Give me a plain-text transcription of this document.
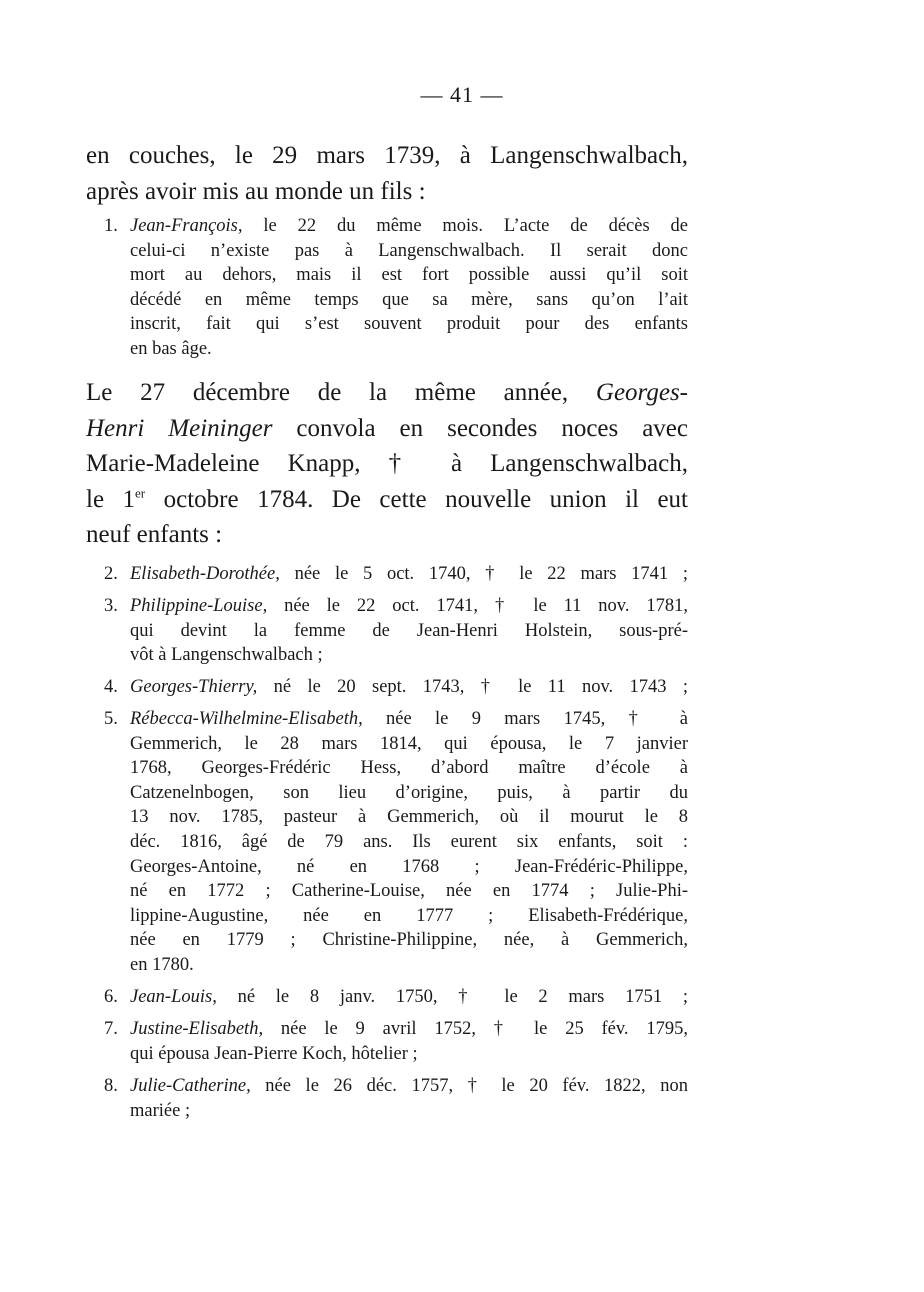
— 41 —
en couches, le 29 mars 1739, à Langenschwalbach,
après avoir mis au monde un fils :
1. Jean-François, le 22 du même mois. L’acte de décès de
celui-ci n’existe pas à Langenschwalbach. Il serait donc
mort au dehors, mais il est fort possible aussi qu’il soit
décédé en même temps que sa mère, sans qu’on l’ait
inscrit, fait qui s’est souvent produit pour des enfants
en bas âge.
Le 27 décembre de la même année, Georges-
Henri Meininger convola en secondes noces avec
Marie-Madeleine Knapp, † à Langenschwalbach,
le 1er octobre 1784. De cette nouvelle union il eut
neuf enfants :
2. Elisabeth-Dorothée, née le 5 oct. 1740, † le 22 mars 1741 ;
3. Philippine-Louise, née le 22 oct. 1741, † le 11 nov. 1781,
qui devint la femme de Jean-Henri Holstein, sous-pré-
vôt à Langenschwalbach ;
4. Georges-Thierry, né le 20 sept. 1743, † le 11 nov. 1743 ;
5. Rébecca-Wilhelmine-Elisabeth, née le 9 mars 1745, † à
Gemmerich, le 28 mars 1814, qui épousa, le 7 janvier
1768, Georges-Frédéric Hess, d’abord maître d’école à
Catzenelnbogen, son lieu d’origine, puis, à partir du
13 nov. 1785, pasteur à Gemmerich, où il mourut le 8
déc. 1816, âgé de 79 ans. Ils eurent six enfants, soit :
Georges-Antoine, né en 1768 ; Jean-Frédéric-Philippe,
né en 1772 ; Catherine-Louise, née en 1774 ; Julie-Phi-
lippine-Augustine, née en 1777 ; Elisabeth-Frédérique,
née en 1779 ; Christine-Philippine, née, à Gemmerich,
en 1780.
6. Jean-Louis, né le 8 janv. 1750, † le 2 mars 1751 ;
7. Justine-Elisabeth, née le 9 avril 1752, † le 25 fév. 1795,
qui épousa Jean-Pierre Koch, hôtelier ;
8. Julie-Catherine, née le 26 déc. 1757, † le 20 fév. 1822, non
mariée ;
